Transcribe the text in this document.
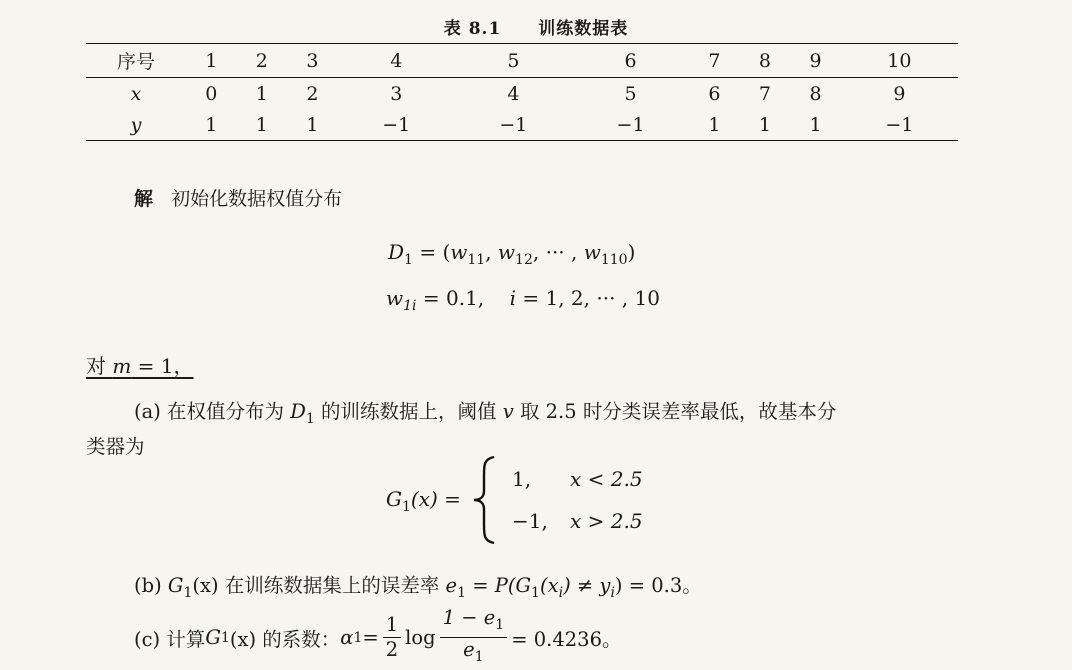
表 8.1 训练数据表
序号	1	2	3	4	5	6	7	8	9	10
x	0	1	2	3	4	5	6	7	8	9
y	1	1	1	−1	−1	−1	1	1	1	−1
解 初始化数据权值分布
$D_1 = (w_{11}$, $w_{12}$, ··· , $w_{110}$)
$w_{1i} = 0.1$, i = 1, 2, ··· , 10
对 m = 1，
(a) 在权值分布为 $D_1$ 的训练数据上，阈值 v 取 2.5 时分类误差率最低，故基本分
类器为
$G_1(x)$ =
1, x < 2.5
−1, x > 2.5
(b) $G_1(x)$ 在训练数据集上的误差率 $e_1 = P(G_1(x_i) \ne y_i) = 0.3$。
(c) 计算 G 1 (x) 的系数： α $1 = \frac{1}{2}$ $\log \frac{1 - e_1}{e_1} = 0.4236$。
